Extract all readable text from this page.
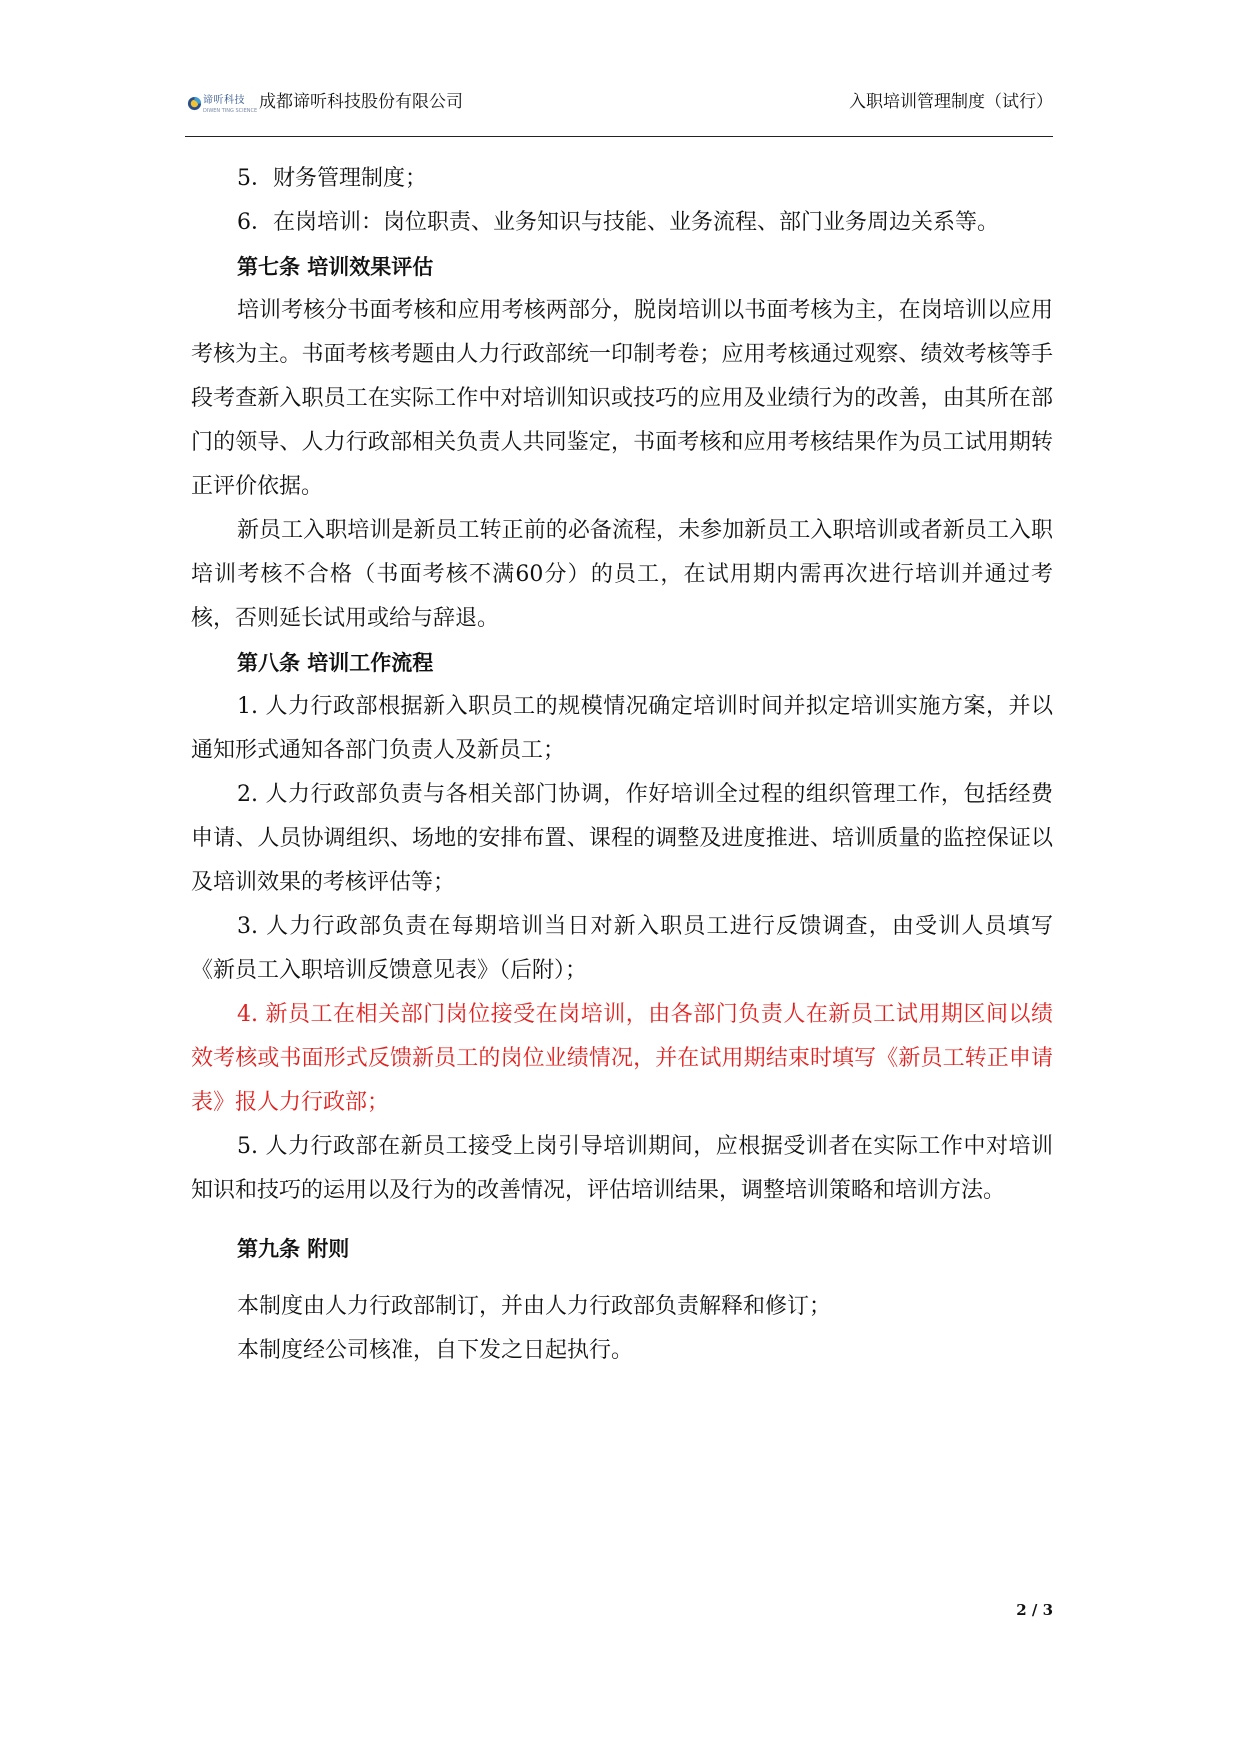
谛听科技
DIWEN TING SCIENCE 成都谛听科技股份有限公司	入职培训管理制度（试行）

5．财务管理制度；

6．在岗培训：岗位职责、业务知识与技能、业务流程、部门业务周边关系等。

第七条 培训效果评估

培训考核分书面考核和应用考核两部分，脱岗培训以书面考核为主，在岗培训以应用考核为主。书面考核考题由人力行政部统一印制考卷；应用考核通过观察、绩效考核等手段考查新入职员工在实际工作中对培训知识或技巧的应用及业绩行为的改善，由其所在部门的领导、人力行政部相关负责人共同鉴定，书面考核和应用考核结果作为员工试用期转正评价依据。

新员工入职培训是新员工转正前的必备流程，未参加新员工入职培训或者新员工入职培训考核不合格（书面考核不满60分）的员工，在试用期内需再次进行培训并通过考核，否则延长试用或给与辞退。

第八条 培训工作流程

1. 人力行政部根据新入职员工的规模情况确定培训时间并拟定培训实施方案，并以通知形式通知各部门负责人及新员工；

2. 人力行政部负责与各相关部门协调，作好培训全过程的组织管理工作，包括经费申请、人员协调组织、场地的安排布置、课程的调整及进度推进、培训质量的监控保证以及培训效果的考核评估等；

3. 人力行政部负责在每期培训当日对新入职员工进行反馈调查，由受训人员填写《新员工入职培训反馈意见表》（后附）；

4. 新员工在相关部门岗位接受在岗培训，由各部门负责人在新员工试用期区间以绩效考核或书面形式反馈新员工的岗位业绩情况，并在试用期结束时填写《新员工转正申请表》报人力行政部；

5. 人力行政部在新员工接受上岗引导培训期间，应根据受训者在实际工作中对培训知识和技巧的运用以及行为的改善情况，评估培训结果，调整培训策略和培训方法。

第九条 附则

本制度由人力行政部制订，并由人力行政部负责解释和修订；

本制度经公司核准，自下发之日起执行。

2 / 3
